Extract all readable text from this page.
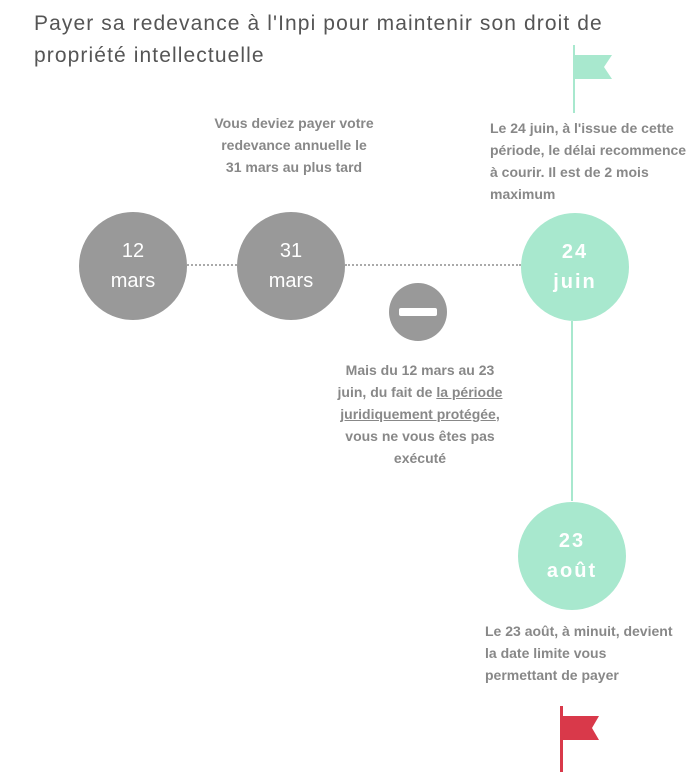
Payer sa redevance à l'Inpi pour maintenir son droit de propriété intellectuelle

Vous deviez payer votre redevance annuelle le 31 mars au plus tard

Le 24 juin, à l'issue de cette période, le délai recommence à courir. Il est de 2 mois maximum

12
mars
31
mars
24
juin

Mais du 12 mars au 23 juin, du fait de la période juridiquement protégée, vous ne vous êtes pas exécuté

23
août

Le 23 août, à minuit, devient la date limite vous permettant de payer
